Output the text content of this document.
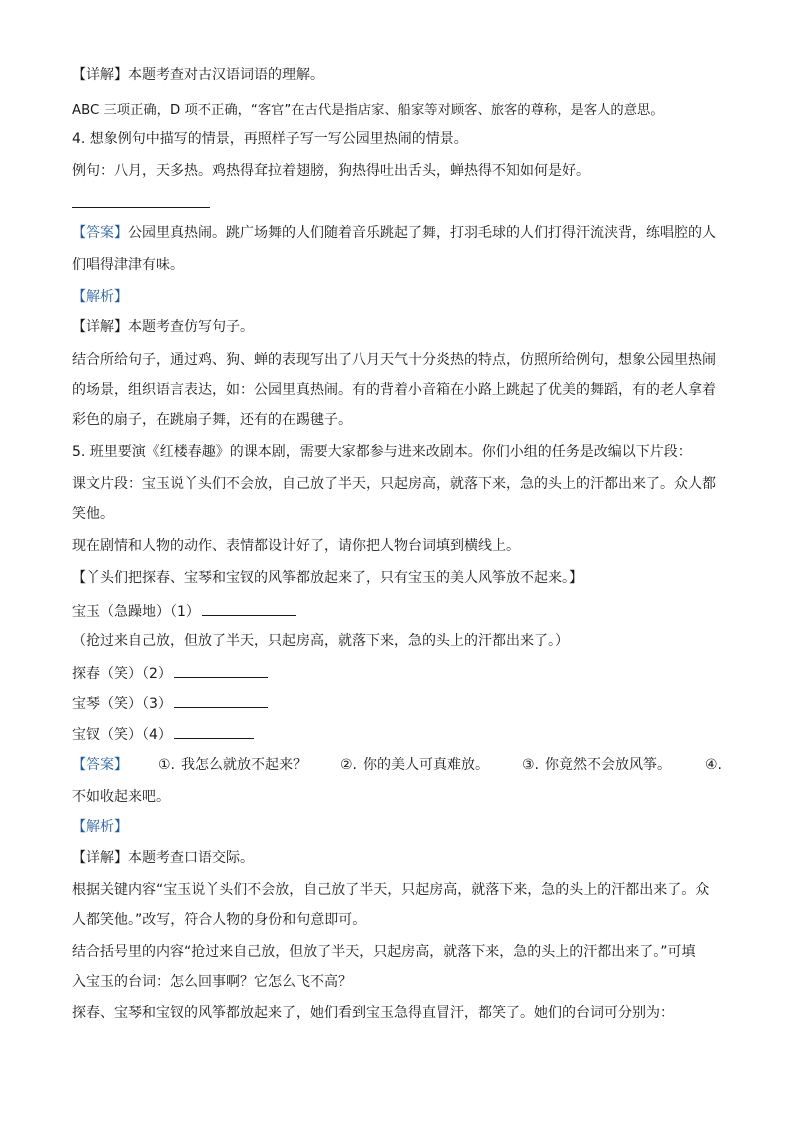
【详解】本题考查对古汉语词语的理解。
ABC 三项正确，D 项不正确，“客官”在古代是指店家、船家等对顾客、旅客的尊称，是客人的意思。
4. 想象例句中描写的情景，再照样子写一写公园里热闹的情景。
例句：八月，天多热。鸡热得耷拉着翅膀，狗热得吐出舌头，蝉热得不知如何是好。
【答案】公园里真热闹。跳广场舞的人们随着音乐跳起了舞，打羽毛球的人们打得汗流浃背，练唱腔的人
们唱得津津有味。
【解析】
【详解】本题考查仿写句子。
结合所给句子，通过鸡、狗、蝉的表现写出了八月天气十分炎热的特点，仿照所给例句，想象公园里热闹
的场景，组织语言表达，如：公园里真热闹。有的背着小音箱在小路上跳起了优美的舞蹈，有的老人拿着
彩色的扇子，在跳扇子舞，还有的在踢毽子。
5. 班里要演《红楼春趣》的课本剧，需要大家都参与进来改剧本。你们小组的任务是改编以下片段：
课文片段：宝玉说丫头们不会放，自己放了半天，只起房高，就落下来，急的头上的汗都出来了。众人都
笑他。
现在剧情和人物的动作、表情都设计好了，请你把人物台词填到横线上。
【丫头们把探春、宝琴和宝钗的风筝都放起来了，只有宝玉的美人风筝放不起来。】
宝玉（急躁地）（1）
（抢过来自己放，但放了半天，只起房高，就落下来，急的头上的汗都出来了。）
探春（笑）（2）
宝琴（笑）（3）
宝钗（笑）（4）
【答案】 ①. 我怎么就放不起来？ ②. 你的美人可真难放。 ③. 你竟然不会放风筝。 ④.
不如收起来吧。
【解析】
【详解】本题考查口语交际。
根据关键内容“宝玉说丫头们不会放，自己放了半天，只起房高，就落下来，急的头上的汗都出来了。众
人都笑他。”改写，符合人物的身份和句意即可。
结合括号里的内容“抢过来自己放，但放了半天，只起房高，就落下来，急的头上的汗都出来了。”可填
入宝玉的台词：怎么回事啊？它怎么飞不高？
探春、宝琴和宝钗的风筝都放起来了，她们看到宝玉急得直冒汗，都笑了。她们的台词可分别为：
